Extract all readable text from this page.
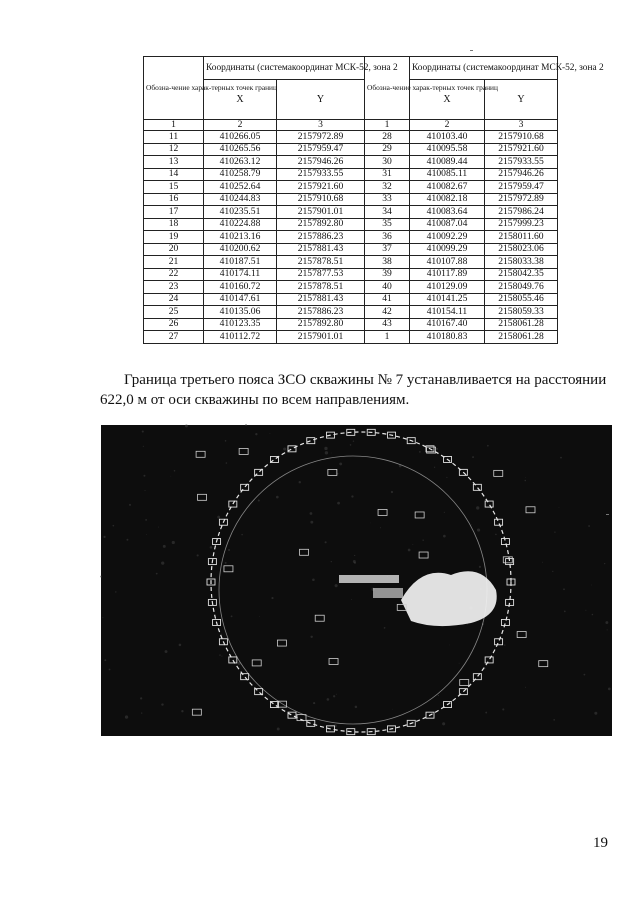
Обозна-чение харак-терных точек границ	Координаты (системакоординат МСК-52, зона 2		Обозна-чение харак-терных точек границ	Координаты (системакоординат МСК-52, зона 2	
	X	Y		X	Y
1	2	3	1	2	3
11	410266.05	2157972.89	28	410103.40	2157910.68
12	410265.56	2157959.47	29	410095.58	2157921.60
13	410263.12	2157946.26	30	410089.44	2157933.55
14	410258.79	2157933.55	31	410085.11	2157946.26
15	410252.64	2157921.60	32	410082.67	2157959.47
16	410244.83	2157910.68	33	410082.18	2157972.89
17	410235.51	2157901.01	34	410083.64	2157986.24
18	410224.88	2157892.80	35	410087.04	2157999.23
19	410213.16	2157886.23	36	410092.29	2158011.60
20	410200.62	2157881.43	37	410099.29	2158023.06
21	410187.51	2157878.51	38	410107.88	2158033.38
22	410174.11	2157877.53	39	410117.89	2158042.35
23	410160.72	2157878.51	40	410129.09	2158049.76
24	410147.61	2157881.43	41	410141.25	2158055.46
25	410135.06	2157886.23	42	410154.11	2158059.33
26	410123.35	2157892.80	43	410167.40	2158061.28
27	410112.72	2157901.01	1	410180.83	2158061.28

Граница третьего пояса ЗСО скважины № 7 устанавливается на расстоянии 622,0 м от оси скважины по всем направлениям.

19
